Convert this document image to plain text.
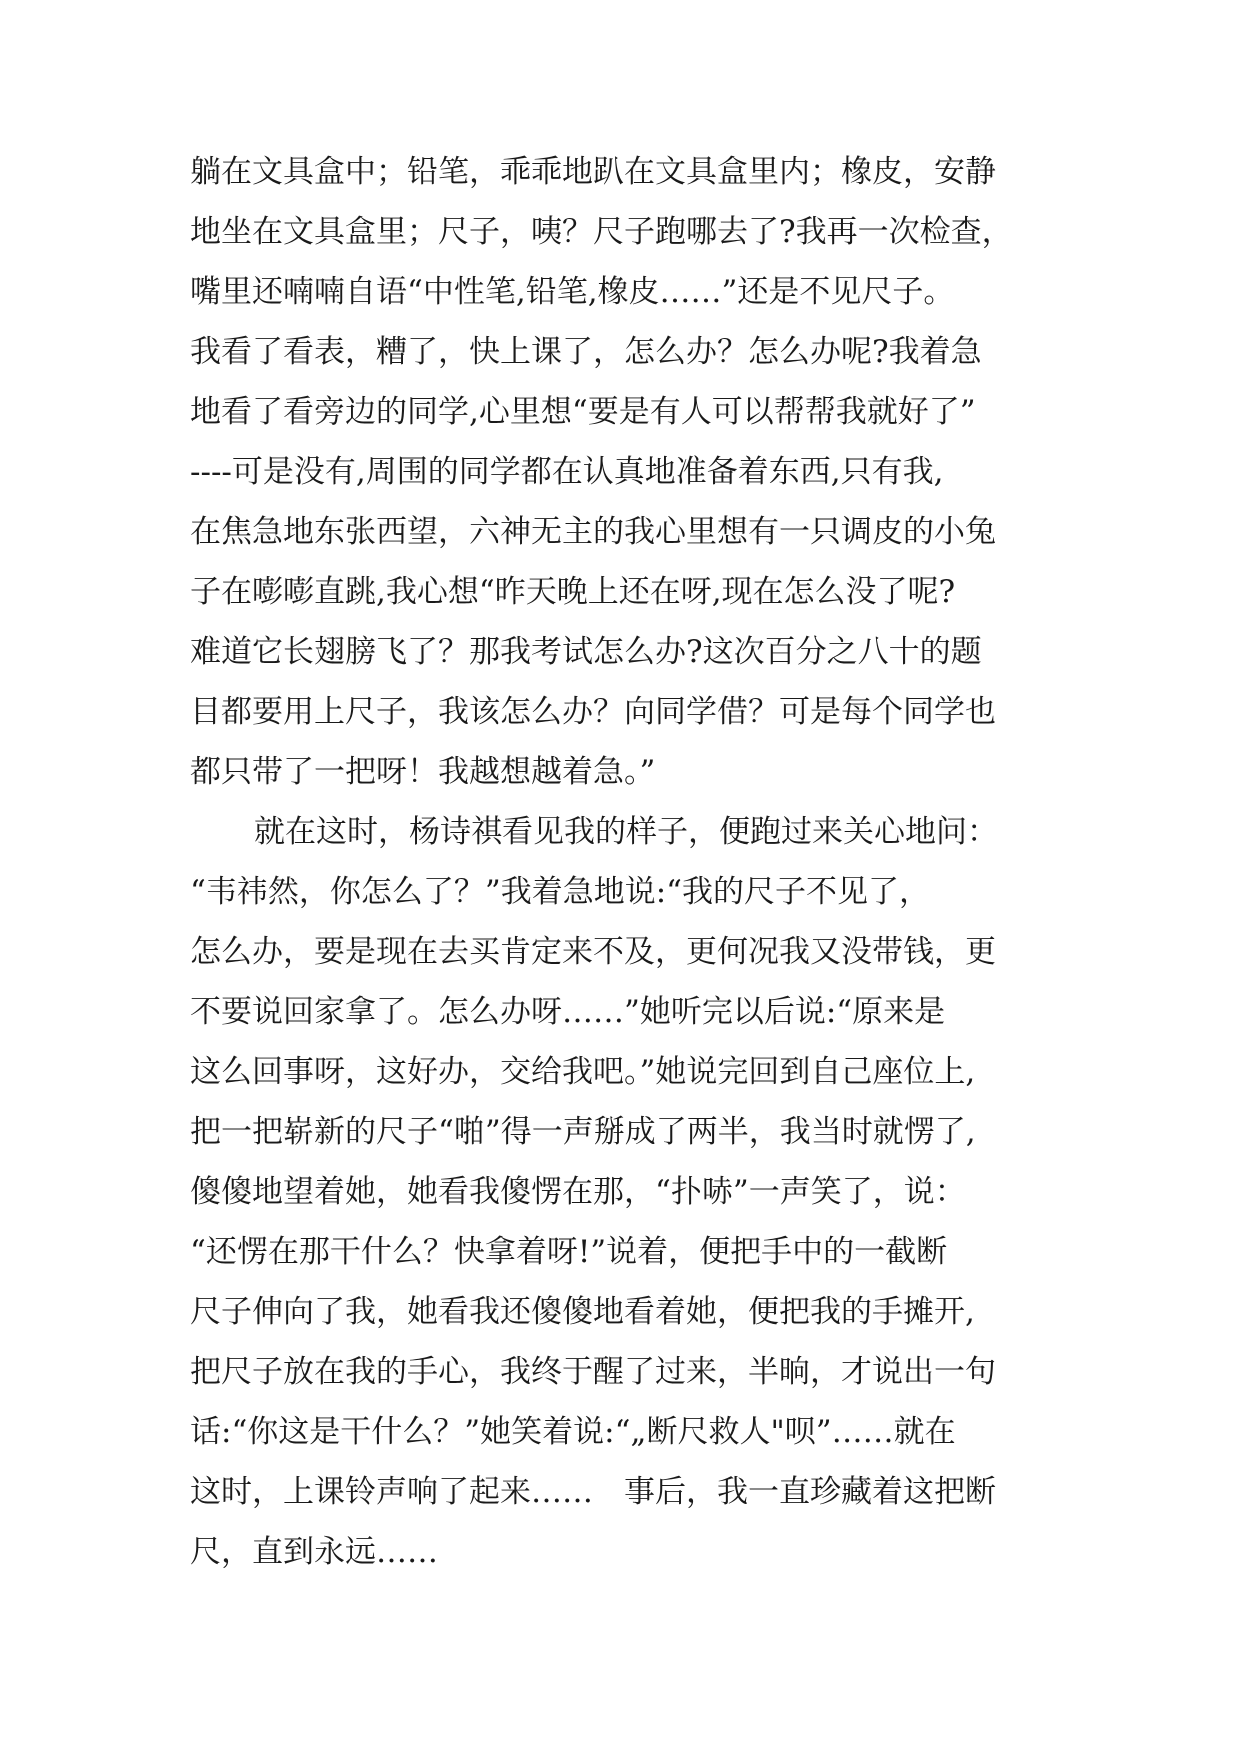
躺在文具盒中；铅笔，乖乖地趴在文具盒里内；橡皮，安静
地坐在文具盒里；尺子，咦？尺子跑哪去了?我再一次检查，
嘴里还喃喃自语“中性笔,铅笔,橡皮……”还是不见尺子。
我看了看表，糟了，快上课了，怎么办？怎么办呢?我着急
地看了看旁边的同学,心里想“要是有人可以帮帮我就好了”
----可是没有,周围的同学都在认真地准备着东西,只有我,
在焦急地东张西望，六神无主的我心里想有一只调皮的小兔
子在嘭嘭直跳,我心想“昨天晚上还在呀,现在怎么没了呢?
难道它长翅膀飞了？那我考试怎么办?这次百分之八十的题
目都要用上尺子，我该怎么办？向同学借？可是每个同学也
都只带了一把呀！我越想越着急。”
就在这时，杨诗祺看见我的样子，便跑过来关心地问：
“韦祎然，你怎么了？”我着急地说:“我的尺子不见了，
怎么办，要是现在去买肯定来不及，更何况我又没带钱，更
不要说回家拿了。怎么办呀……”她听完以后说:“原来是
这么回事呀，这好办，交给我吧。”她说完回到自己座位上,
把一把崭新的尺子“啪”得一声掰成了两半，我当时就愣了,
傻傻地望着她，她看我傻愣在那，“扑哧”一声笑了，说：
“还愣在那干什么？快拿着呀!”说着，便把手中的一截断
尺子伸向了我，她看我还傻傻地看着她，便把我的手摊开,
把尺子放在我的手心，我终于醒了过来，半晌，才说出一句
话:“你这是干什么？”她笑着说:“„断尺救人"呗”……就在
这时，上课铃声响了起来……　事后，我一直珍藏着这把断
尺，直到永远……
